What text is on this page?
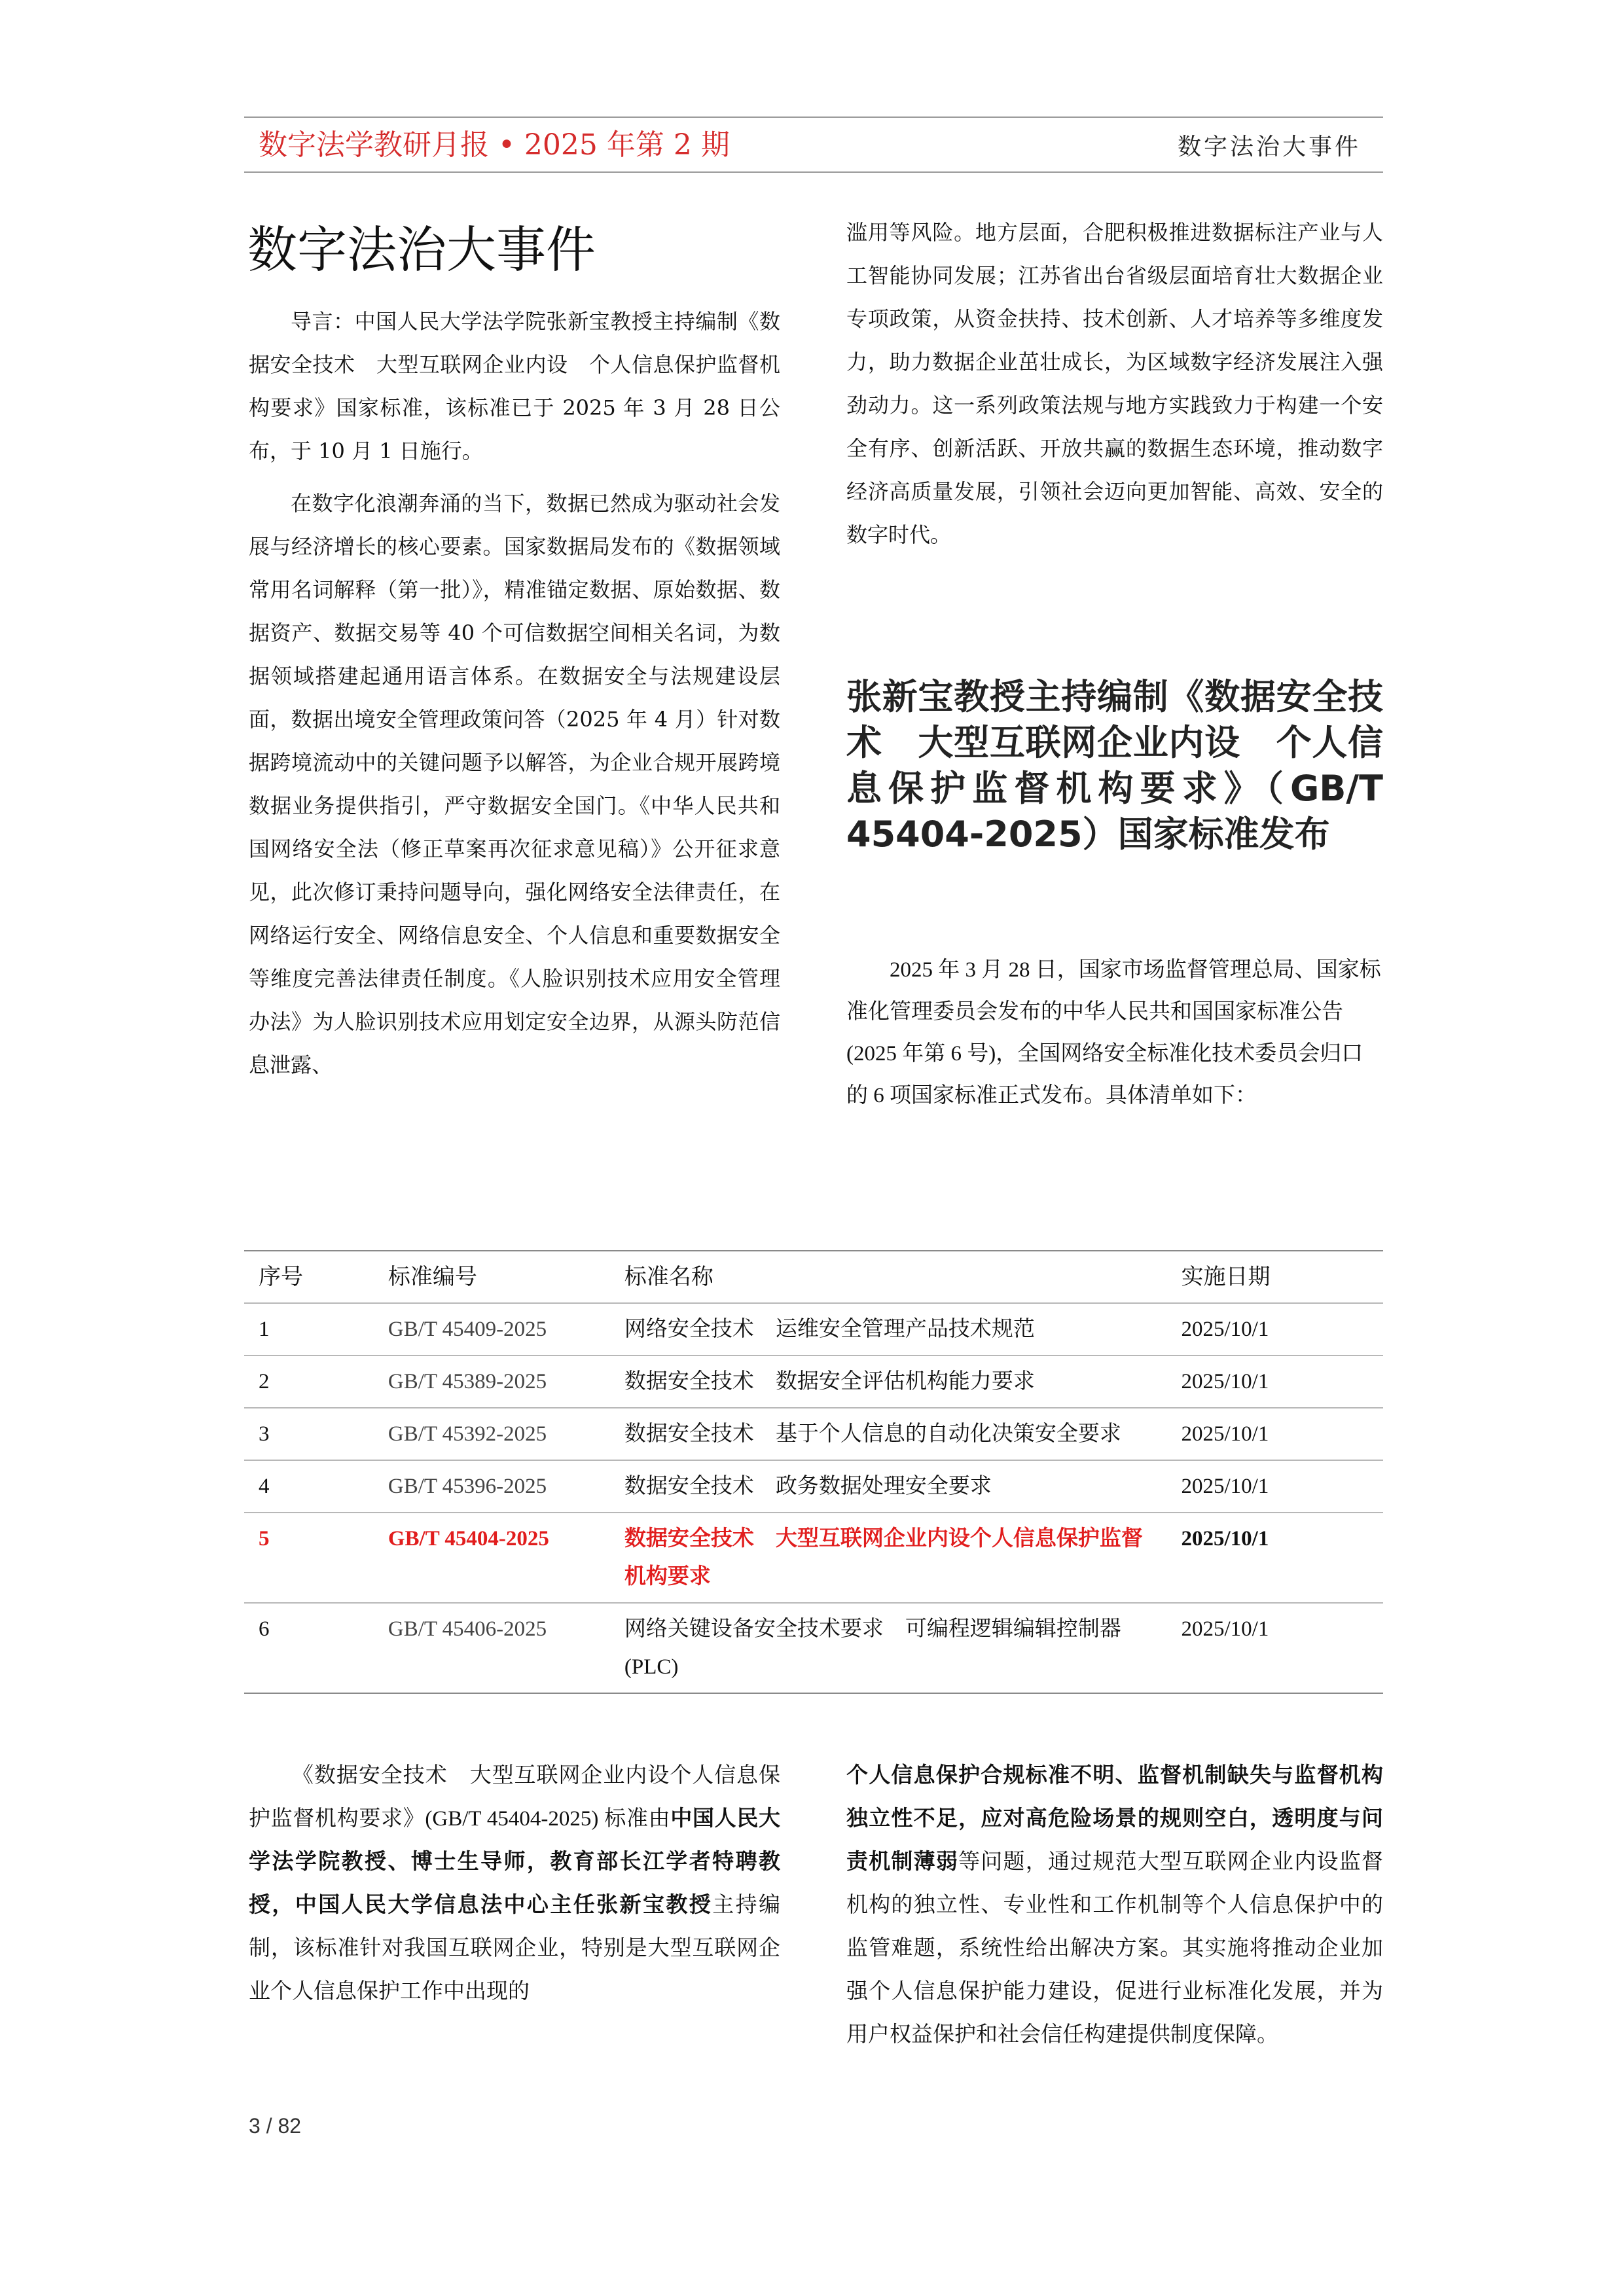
数字法学教研月报 • 2025 年第 2 期	数字法治大事件
数字法治大事件

导言：中国人民大学法学院张新宝教授主持编制《数据安全技术　大型互联网企业内设　个人信息保护监督机构要求》国家标准，该标准已于 2025 年 3 月 28 日公布，于 10 月 1 日施行。

在数字化浪潮奔涌的当下，数据已然成为驱动社会发展与经济增长的核心要素。国家数据局发布的《数据领域常用名词解释（第一批）》，精准锚定数据、原始数据、数据资产、数据交易等 40 个可信数据空间相关名词，为数据领域搭建起通用语言体系。在数据安全与法规建设层面，数据出境安全管理政策问答（2025 年 4 月）针对数据跨境流动中的关键问题予以解答，为企业合规开展跨境数据业务提供指引，严守数据安全国门。《中华人民共和国网络安全法（修正草案再次征求意见稿）》公开征求意见，此次修订秉持问题导向，强化网络安全法律责任，在网络运行安全、网络信息安全、个人信息和重要数据安全等维度完善法律责任制度。《人脸识别技术应用安全管理办法》为人脸识别技术应用划定安全边界，从源头防范信息泄露、

滥用等风险。地方层面，合肥积极推进数据标注产业与人工智能协同发展；江苏省出台省级层面培育壮大数据企业专项政策，从资金扶持、技术创新、人才培养等多维度发力，助力数据企业茁壮成长，为区域数字经济发展注入强劲动力。这一系列政策法规与地方实践致力于构建一个安全有序、创新活跃、开放共赢的数据生态环境，推动数字经济高质量发展，引领社会迈向更加智能、高效、安全的数字时代。

张新宝教授主持编制《数据安全技术　大型互联网企业内设　个人信息保护监督机构要求》（GB/T 45404-2025）国家标准发布

2025 年 3 月 28 日，国家市场监督管理总局、国家标准化管理委员会发布的中华人民共和国国家标准公告(2025 年第 6 号)，全国网络安全标准化技术委员会归口的 6 项国家标准正式发布。具体清单如下：

序号	标准编号	标准名称	实施日期
1	GB/T 45409-2025	网络安全技术　运维安全管理产品技术规范	2025/10/1
2	GB/T 45389-2025	数据安全技术　数据安全评估机构能力要求	2025/10/1
3	GB/T 45392-2025	数据安全技术　基于个人信息的自动化决策安全要求	2025/10/1
4	GB/T 45396-2025	数据安全技术　政务数据处理安全要求	2025/10/1
5	GB/T 45404-2025	数据安全技术　大型互联网企业内设个人信息保护监督机构要求	2025/10/1
6	GB/T 45406-2025	网络关键设备安全技术要求　可编程逻辑编辑控制器(PLC)	2025/10/1

《数据安全技术　大型互联网企业内设个人信息保护监督机构要求》(GB/T 45404-2025) 标准由中国人民大学法学院教授、博士生导师，教育部长江学者特聘教授，中国人民大学信息法中心主任张新宝教授主持编制，该标准针对我国互联网企业，特别是大型互联网企业个人信息保护工作中出现的

个人信息保护合规标准不明、监督机制缺失与监督机构独立性不足，应对高危险场景的规则空白，透明度与问责机制薄弱等问题，通过规范大型互联网企业内设监督机构的独立性、专业性和工作机制等个人信息保护中的监管难题，系统性给出解决方案。其实施将推动企业加强个人信息保护能力建设，促进行业标准化发展，并为用户权益保护和社会信任构建提供制度保障。

3 / 82
